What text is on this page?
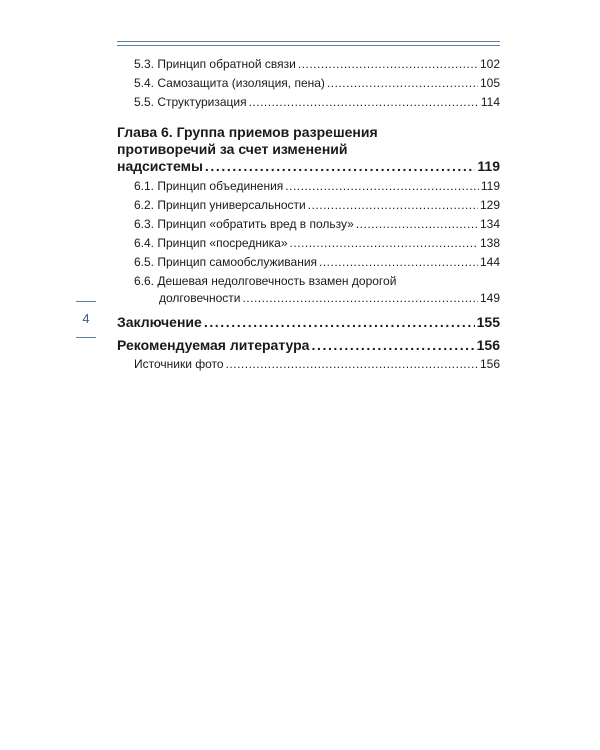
5.3. Принцип обратной связи .....	102
5.4. Самозащита (изоляция, пена) .....	105
5.5. Структуризация .....	114
Глава 6. Группа приемов разрешения
противоречий за счет изменений
надсистемы .....	119
6.1. Принцип объединения .....	119
6.2. Принцип универсальности .....	129
6.3. Принцип «обратить вред в пользу» .....	134
6.4. Принцип «посредника» .....	138
6.5. Принцип самообслуживания .....	144
6.6. Дешевая недолговечность взамен дорогой
долговечности .....	149
Заключение .....	155
Рекомендуемая литература .....	156
Источники фото .....	156
4
